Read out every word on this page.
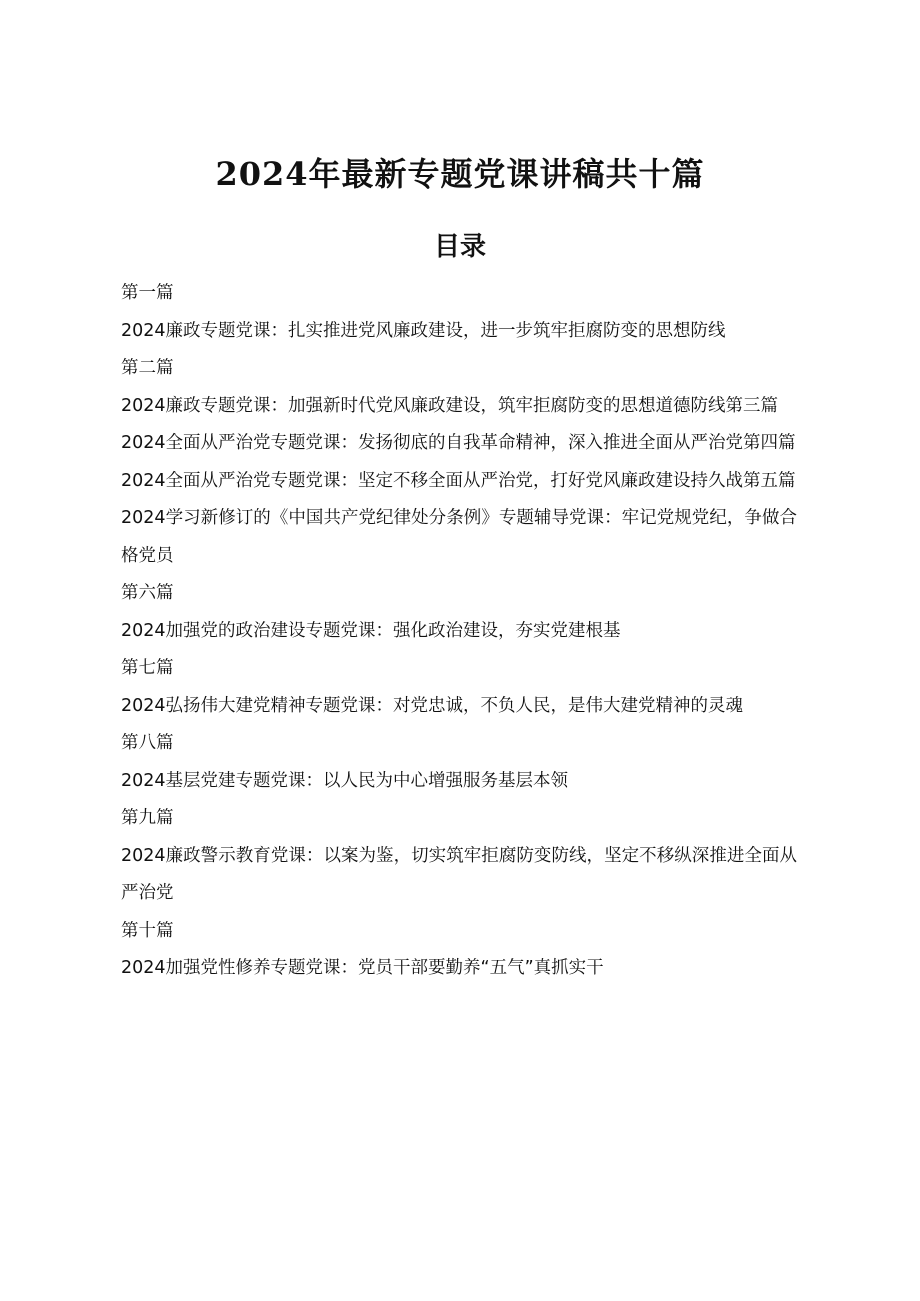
2024年最新专题党课讲稿共十篇
目录

第一篇

2024廉政专题党课：扎实推进党风廉政建设，进一步筑牢拒腐防变的思想防线

第二篇

2024廉政专题党课：加强新时代党风廉政建设，筑牢拒腐防变的思想道德防线第三篇

2024全面从严治党专题党课：发扬彻底的自我革命精神，深入推进全面从严治党第四篇

2024全面从严治党专题党课：坚定不移全面从严治党，打好党风廉政建设持久战第五篇

2024学习新修订的《中国共产党纪律处分条例》专题辅导党课：牢记党规党纪，争做合格党员

第六篇

2024加强党的政治建设专题党课：强化政治建设，夯实党建根基

第七篇

2024弘扬伟大建党精神专题党课：对党忠诚，不负人民，是伟大建党精神的灵魂

第八篇

2024基层党建专题党课：以人民为中心增强服务基层本领

第九篇

2024廉政警示教育党课：以案为鉴，切实筑牢拒腐防变防线，坚定不移纵深推进全面从严治党

第十篇

2024加强党性修养专题党课：党员干部要勤养“五气”真抓实干
